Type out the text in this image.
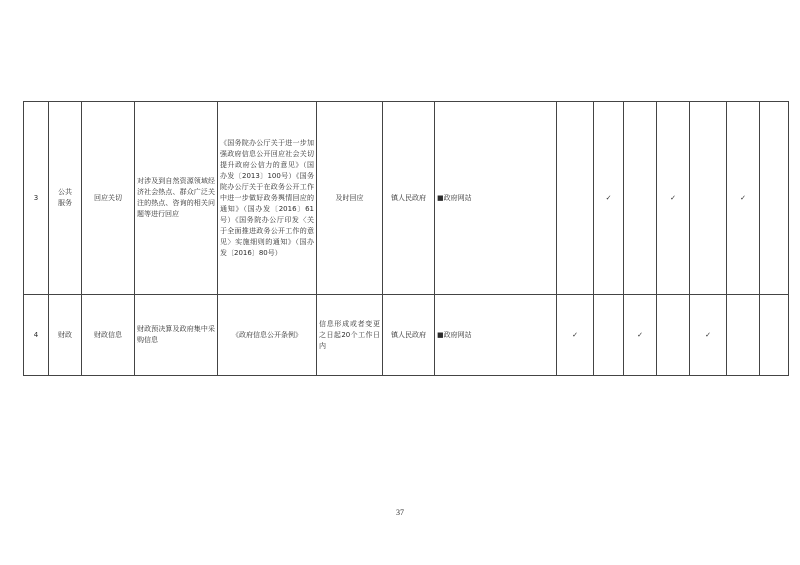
3	公共
服务	回应关切	对涉及到自然资源领域经济社会热点、群众广泛关注的热点、咨询的相关问题等进行回应	《国务院办公厅关于进一步加强政府信息公开回应社会关切提升政府公信力的意见》（国办发〔2013〕100号）《国务院办公厅关于在政务公开工作中进一步做好政务舆情回应的通知》（国办发〔2016〕61号）《国务院办公厅印发〈关于全面推进政务公开工作的意见〉实施细则的通知》（国办发〔2016〕80号）	及时回应	镇人民政府	■政府网站		✓		✓		✓	
4	财政	财政信息	财政预决算及政府集中采购信息	《政府信息公开条例》	信息形成或者变更之日起20个工作日内	镇人民政府	■政府网站	✓		✓		✓		
37
